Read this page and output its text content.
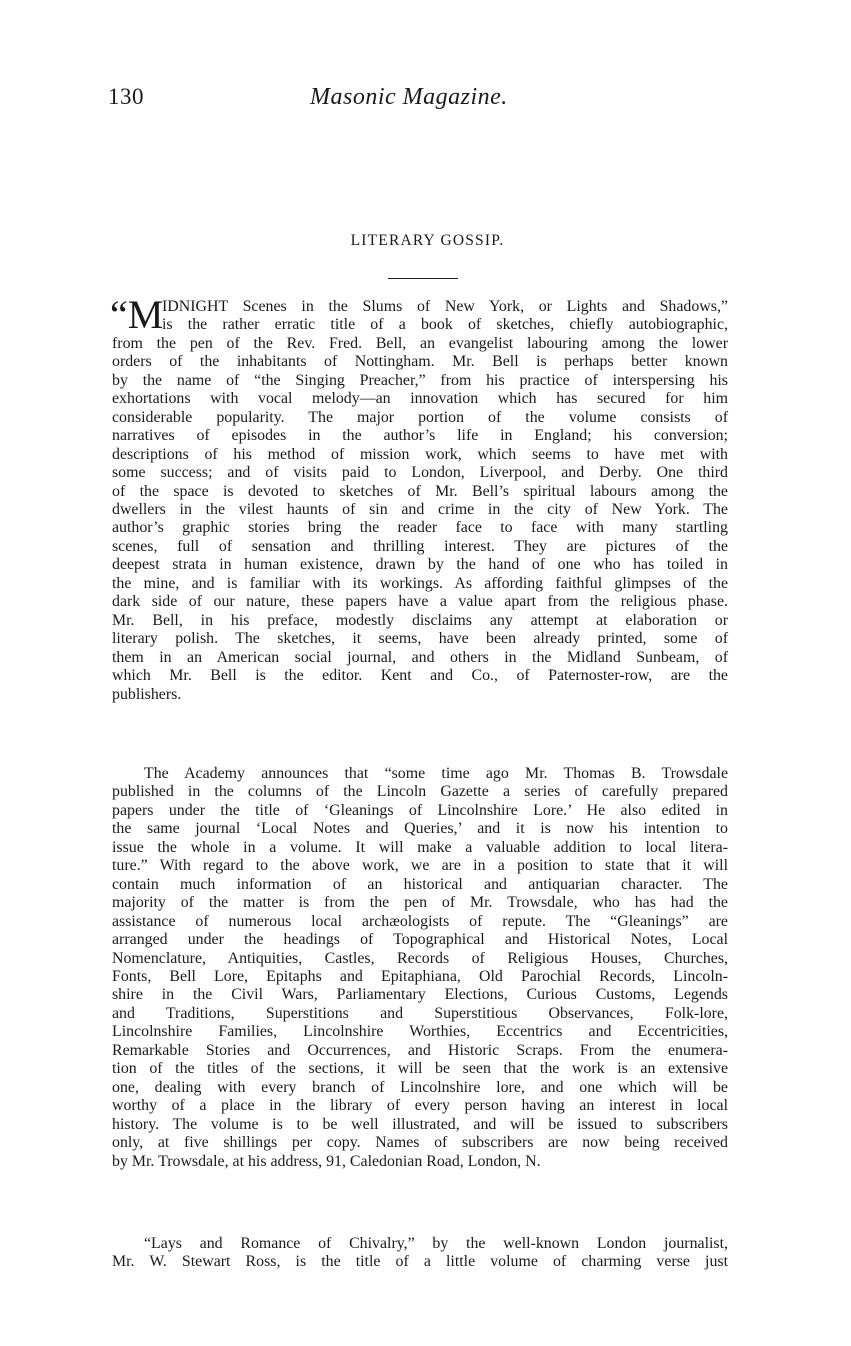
130	Masonic Magazine.
LITERARY GOSSIP.
“M
IDNIGHT Scenes in the Slums of New York, or Lights and Shadows,”
is the rather erratic title of a book of sketches, chiefly autobiographic,
from the pen of the Rev. Fred. Bell, an evangelist labouring among the lower
orders of the inhabitants of Nottingham. Mr. Bell is perhaps better known
by the name of “the Singing Preacher,” from his practice of interspersing his
exhortations with vocal melody—an innovation which has secured for him
considerable popularity. The major portion of the volume consists of
narratives of episodes in the author’s life in England; his conversion;
descriptions of his method of mission work, which seems to have met with
some success; and of visits paid to London, Liverpool, and Derby. One third
of the space is devoted to sketches of Mr. Bell’s spiritual labours among the
dwellers in the vilest haunts of sin and crime in the city of New York. The
author’s graphic stories bring the reader face to face with many startling
scenes, full of sensation and thrilling interest. They are pictures of the
deepest strata in human existence, drawn by the hand of one who has toiled in
the mine, and is familiar with its workings. As affording faithful glimpses of the
dark side of our nature, these papers have a value apart from the religious phase.
Mr. Bell, in his preface, modestly disclaims any attempt at elaboration or
literary polish. The sketches, it seems, have been already printed, some of
them in an American social journal, and others in the Midland Sunbeam, of
which Mr. Bell is the editor. Kent and Co., of Paternoster-row, are the
publishers.
The Academy announces that “some time ago Mr. Thomas B. Trowsdale
published in the columns of the Lincoln Gazette a series of carefully prepared
papers under the title of ‘Gleanings of Lincolnshire Lore.’ He also edited in
the same journal ‘Local Notes and Queries,’ and it is now his intention to
issue the whole in a volume. It will make a valuable addition to local litera-
ture.” With regard to the above work, we are in a position to state that it will
contain much information of an historical and antiquarian character. The
majority of the matter is from the pen of Mr. Trowsdale, who has had the
assistance of numerous local archæologists of repute. The “Gleanings” are
arranged under the headings of Topographical and Historical Notes, Local
Nomenclature, Antiquities, Castles, Records of Religious Houses, Churches,
Fonts, Bell Lore, Epitaphs and Epitaphiana, Old Parochial Records, Lincoln-
shire in the Civil Wars, Parliamentary Elections, Curious Customs, Legends
and Traditions, Superstitions and Superstitious Observances, Folk-lore,
Lincolnshire Families, Lincolnshire Worthies, Eccentrics and Eccentricities,
Remarkable Stories and Occurrences, and Historic Scraps. From the enumera-
tion of the titles of the sections, it will be seen that the work is an extensive
one, dealing with every branch of Lincolnshire lore, and one which will be
worthy of a place in the library of every person having an interest in local
history. The volume is to be well illustrated, and will be issued to subscribers
only, at five shillings per copy. Names of subscribers are now being received
by Mr. Trowsdale, at his address, 91, Caledonian Road, London, N.
“Lays and Romance of Chivalry,” by the well-known London journalist,
Mr. W. Stewart Ross, is the title of a little volume of charming verse just
